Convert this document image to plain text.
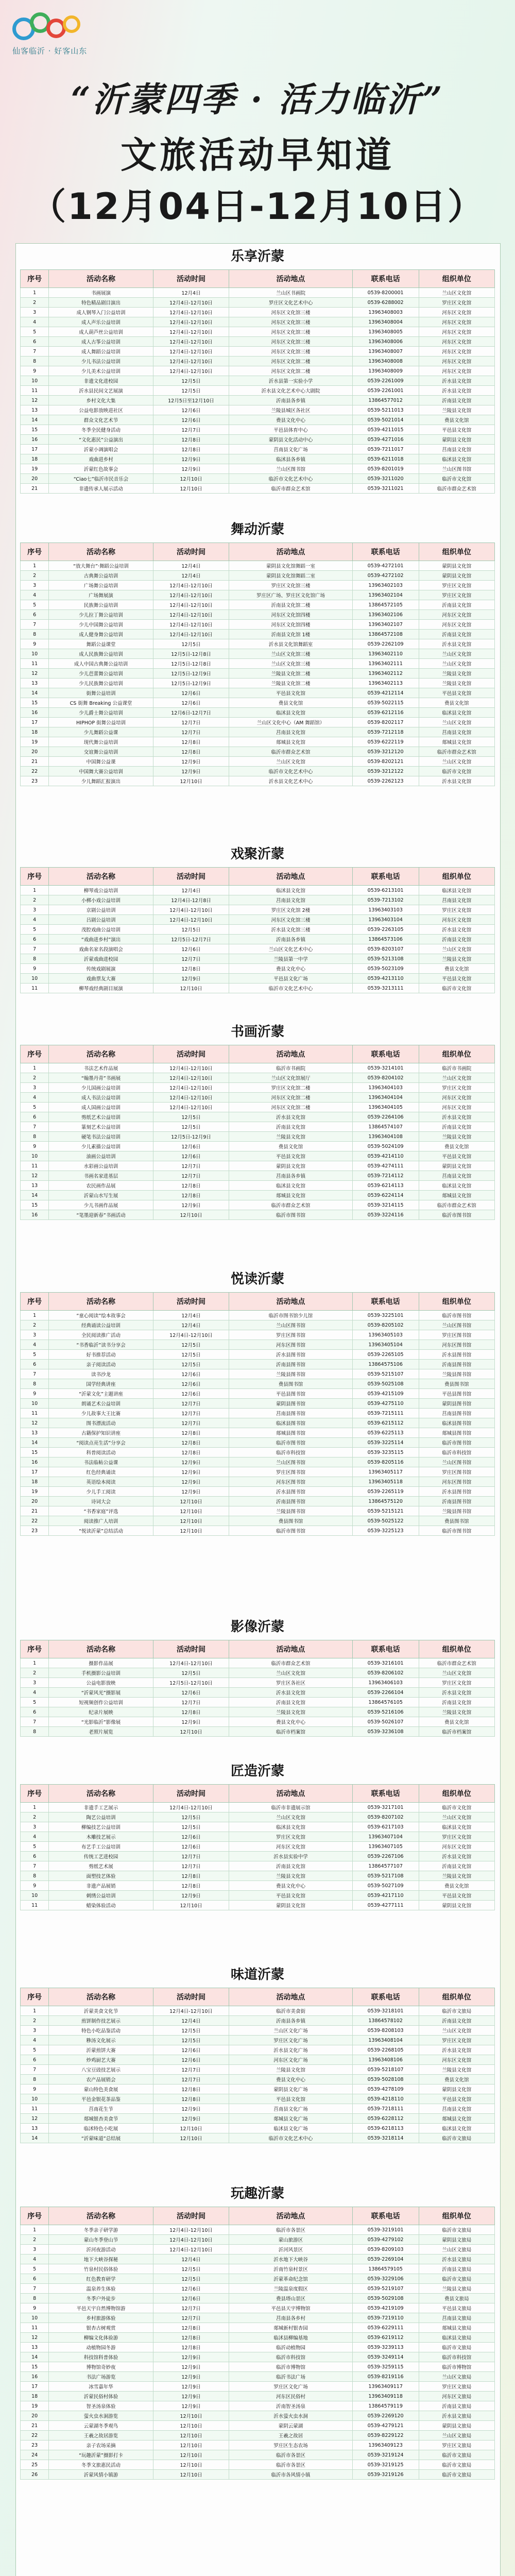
仙客临沂 · 好客山东
“沂蒙四季 · 活力临沂”
文旅活动早知道
（12月04日-12月10日）
乐享沂蒙
序号	活动名称	活动时间	活动地点	联系电话	组织单位
1	书画展演	12月4日	兰山区书画院	0539-8200001	兰山区文化馆
2	特色精品剧目演出	12月4日-12月10日	罗庄区文化艺术中心	0539-6288002	罗庄区文化馆
3	成人钢琴入门公益培训	12月4日-12月10日	河东区文化馆三楼	13963408003	河东区文化馆
4	成人声乐公益培训	12月4日-12月10日	河东区文化馆三楼	13963408004	河东区文化馆
5	成人葫芦丝公益培训	12月4日-12月10日	河东区文化馆三楼	13963408005	河东区文化馆
6	成人古筝公益培训	12月4日-12月10日	河东区文化馆三楼	13963408006	河东区文化馆
7	成人舞蹈公益培训	12月4日-12月10日	河东区文化馆三楼	13963408007	河东区文化馆
8	少儿书法公益培训	12月4日-12月10日	河东区文化馆二楼	13963408008	河东区文化馆
9	少儿美术公益培训	12月4日-12月10日	河东区文化馆二楼	13963408009	河东区文化馆
10	非遗文化进校园	12月5日	沂水县第一实验小学	0539-2261009	沂水县文化馆
11	沂水县民间文艺展演	12月5日	沂水县文化艺术中心大剧院	0539-2261001	沂水县文化馆
12	乡村文化大集	12月5日至12月10日	沂南县各乡镇	13864577012	沂南县文化馆
13	公益电影放映进社区	12月6日	兰陵县城区各社区	0539-5211013	兰陵县文化馆
14	群众文化艺术节	12月6日	费县文化中心	0539-5021014	费县文化馆
15	冬季全民健身活动	12月7日	平邑县体育中心	0539-4211015	平邑县文化馆
16	“文化惠民”公益演出	12月8日	蒙阴县文化活动中心	0539-4271016	蒙阴县文化馆
17	沂蒙小调演唱会	12月8日	莒南县文化广场	0539-7211017	莒南县文化馆
18	戏曲进乡村	12月9日	临沭县各乡镇	0539-6211018	临沭县文化馆
19	沂蒙红色故事会	12月9日	兰山区图书馆	0539-8201019	兰山区图书馆
20	“Ciao七”临沂市民音乐会	12月10日	临沂市文化艺术中心	0539-3211020	临沂市文化馆
21	非遗传承人展示活动	12月10日	临沂市群众艺术馆	0539-3211021	临沂市群众艺术馆
舞动沂蒙
序号	活动名称	活动时间	活动地点	联系电话	组织单位
1	“放大舞台”·舞蹈公益培训	12月4日	蒙阴县文化馆舞蹈一室	0539-4272101	蒙阴县文化馆
2	古典舞公益培训	12月4日	蒙阴县文化馆舞蹈二室	0539-4272102	蒙阴县文化馆
3	广场舞公益培训	12月4日-12月10日	罗庄区文化馆三楼	13963402103	罗庄区文化馆
4	广场舞展演	12月4日-12月10日	罗庄区广场、罗庄区文化馆广场	13963402104	罗庄区文化馆
5	民族舞公益培训	12月4日-12月10日	沂南县文化馆二楼	13864572105	沂南县文化馆
6	少儿拉丁舞公益培训	12月4日-12月10日	河东区文化馆四楼	13963402106	河东区文化馆
7	少儿中国舞公益培训	12月4日-12月10日	河东区文化馆四楼	13963402107	河东区文化馆
8	成人健身舞公益培训	12月4日-12月10日	沂南县文化馆 1楼	13864572108	沂南县文化馆
9	舞蹈公益课堂	12月5日	沂水县文化馆舞蹈室	0539-2262109	沂水县文化馆
10	成人民族舞公益培训	12月5日-12月8日	兰山区文化馆三楼	13963402110	兰山区文化馆
11	成人中国古典舞公益培训	12月5日-12月8日	兰山区文化馆三楼	13963402111	兰山区文化馆
12	少儿芭蕾舞公益培训	12月5日-12月9日	兰陵县文化馆二楼	13963402112	兰陵县文化馆
13	少儿民族舞公益培训	12月5日-12月9日	兰陵县文化馆二楼	13963402113	兰陵县文化馆
14	街舞公益培训	12月6日	平邑县文化馆	0539-4212114	平邑县文化馆
15	CS 街舞 Breaking 公益课堂	12月6日	费县文化馆	0539-5022115	费县文化馆
16	少儿爵士舞公益培训	12月6日-12月7日	临沭县文化馆	0539-6212116	临沭县文化馆
17	HIPHOP 街舞公益培训	12月7日	兰山区文化中心（AM 舞蹈馆）	0539-8202117	兰山区文化馆
18	少儿舞蹈公益课	12月7日	莒南县文化馆	0539-7212118	莒南县文化馆
19	现代舞公益培训	12月8日	郯城县文化馆	0539-6222119	郯城县文化馆
20	交谊舞公益培训	12月8日	临沂市群众艺术馆	0539-3212120	临沂市群众艺术馆
21	中国舞公益课	12月9日	兰山区文化馆	0539-8202121	兰山区文化馆
22	中国舞大赛公益培训	12月9日	临沂市文化艺术中心	0539-3212122	临沂市文化馆
23	少儿舞蹈汇报演出	12月10日	沂水县文化艺术中心	0539-2262123	沂水县文化馆
戏聚沂蒙
序号	活动名称	活动时间	活动地点	联系电话	组织单位
1	柳琴戏公益培训	12月4日	临沭县文化馆	0539-6213101	临沭县文化馆
2	小梆小戏公益培训	12月4日-12月8日	莒南县文化馆	0539-7213102	莒南县文化馆
3	京剧公益培训	12月4日-12月10日	罗庄区文化馆 2楼	13963403103	罗庄区文化馆
4	吕剧公益培训	12月4日-12月10日	河东区文化馆三楼	13963403104	河东区文化馆
5	茂腔戏曲公益培训	12月5日	沂水县文化馆三楼	0539-2263105	沂水县文化馆
6	“戏曲进乡村”演出	12月5日-12月7日	沂南县各乡镇	13864573106	沂南县文化馆
7	戏曲名家名段演唱会	12月6日	兰山区文化艺术中心	0539-8203107	兰山区文化馆
8	沂蒙戏曲进校园	12月7日	兰陵县第一中学	0539-5213108	兰陵县文化馆
9	传统戏剧展演	12月8日	费县文化中心	0539-5023109	费县文化馆
10	戏曲票友大赛	12月9日	平邑县文化广场	0539-4213110	平邑县文化馆
11	柳琴戏经典剧目展演	12月10日	临沂市文化艺术中心	0539-3213111	临沂市文化馆
书画沂蒙
序号	活动名称	活动时间	活动地点	联系电话	组织单位
1	书法艺术作品展	12月4日-12月10日	临沂市书画院	0539-3214101	临沂市书画院
2	“翰墨丹青”书画展	12月4日-12月10日	兰山区文化馆展厅	0539-8204102	兰山区文化馆
3	少儿国画公益培训	12月4日-12月10日	罗庄区文化馆二楼	13963404103	罗庄区文化馆
4	成人书法公益培训	12月4日-12月10日	河东区文化馆二楼	13963404104	河东区文化馆
5	成人国画公益培训	12月4日-12月10日	河东区文化馆二楼	13963404105	河东区文化馆
6	剪纸艺术公益培训	12月5日	沂水县文化馆	0539-2264106	沂水县文化馆
7	篆刻艺术公益培训	12月5日	沂南县文化馆	13864574107	沂南县文化馆
8	硬笔书法公益培训	12月5日-12月9日	兰陵县文化馆	13963404108	兰陵县文化馆
9	少儿素描公益培训	12月6日	费县文化馆	0539-5024109	费县文化馆
10	油画公益培训	12月6日	平邑县文化馆	0539-4214110	平邑县文化馆
11	水彩画公益培训	12月7日	蒙阴县文化馆	0539-4274111	蒙阴县文化馆
12	书画名家进基层	12月7日	莒南县各乡镇	0539-7214112	莒南县文化馆
13	农民画作品展	12月8日	临沭县文化馆	0539-6214113	临沭县文化馆
14	沂蒙山水写生展	12月8日	郯城县文化馆	0539-6224114	郯城县文化馆
15	少儿书画作品展	12月9日	临沂市群众艺术馆	0539-3214115	临沂市群众艺术馆
16	“笔墨迎新春”书画活动	12月10日	临沂市图书馆	0539-3224116	临沂市图书馆
悦读沂蒙
序号	活动名称	活动时间	活动地点	联系电话	组织单位
1	“童心阅读”绘本故事会	12月4日	临沂市图书馆少儿馆	0539-3225101	临沂市图书馆
2	经典诵读公益培训	12月4日	兰山区图书馆	0539-8205102	兰山区图书馆
3	全民阅读推广活动	12月4日-12月10日	罗庄区图书馆	13963405103	罗庄区图书馆
4	“书香临沂”读书分享会	12月5日	河东区图书馆	13963405104	河东区图书馆
5	好书推荐活动	12月5日	沂水县图书馆	0539-2265105	沂水县图书馆
6	亲子阅读活动	12月5日	沂南县图书馆	13864575106	沂南县图书馆
7	读书沙龙	12月6日	兰陵县图书馆	0539-5215107	兰陵县图书馆
8	国学经典讲座	12月6日	费县图书馆	0539-5025108	费县图书馆
9	“沂蒙文化”主题讲座	12月6日	平邑县图书馆	0539-4215109	平邑县图书馆
10	朗诵艺术公益培训	12月7日	蒙阴县图书馆	0539-4275110	蒙阴县图书馆
11	少儿故事大王比赛	12月7日	莒南县图书馆	0539-7215111	莒南县图书馆
12	图书漂流活动	12月7日	临沭县图书馆	0539-6215112	临沭县图书馆
13	古籍保护知识讲座	12月8日	郯城县图书馆	0539-6225113	郯城县图书馆
14	“阅读点亮生活”分享会	12月8日	临沂市图书馆	0539-3225114	临沂市图书馆
15	科普阅读活动	12月8日	临沂市科技馆	0539-3235115	临沂市科技馆
16	书法临帖公益课	12月9日	兰山区图书馆	0539-8205116	兰山区图书馆
17	红色经典诵读	12月9日	罗庄区图书馆	13963405117	罗庄区图书馆
18	英语绘本阅读	12月9日	河东区图书馆	13963405118	河东区图书馆
19	少儿手工阅读	12月9日	沂水县图书馆	0539-2265119	沂水县图书馆
20	诗词大会	12月10日	沂南县图书馆	13864575120	沂南县图书馆
21	“书香家庭”评选	12月10日	兰陵县图书馆	0539-5215121	兰陵县图书馆
22	阅读推广人培训	12月10日	费县图书馆	0539-5025122	费县图书馆
23	“悦读沂蒙”总结活动	12月10日	临沂市图书馆	0539-3225123	临沂市图书馆
影像沂蒙
序号	活动名称	活动时间	活动地点	联系电话	组织单位
1	摄影作品展	12月4日-12月10日	临沂市群众艺术馆	0539-3216101	临沂市群众艺术馆
2	手机摄影公益培训	12月5日	兰山区文化馆	0539-8206102	兰山区文化馆
3	公益电影放映	12月5日-12月10日	罗庄区各社区	13963406103	罗庄区文化馆
4	“沂蒙风光”摄影展	12月6日	沂水县文化馆	0539-2266104	沂水县文化馆
5	短视频创作公益培训	12月7日	沂南县文化馆	13864576105	沂南县文化馆
6	纪录片展映	12月8日	兰陵县文化馆	0539-5216106	兰陵县文化馆
7	“光影临沂”影像展	12月9日	费县文化中心	0539-5026107	费县文化馆
8	老照片展览	12月10日	临沂市档案馆	0539-3236108	临沂市档案馆
匠造沂蒙
序号	活动名称	活动时间	活动地点	联系电话	组织单位
1	非遗手工艺展示	12月4日-12月10日	临沂市非遗展示馆	0539-3217101	临沂市文化馆
2	陶艺公益培训	12月5日	兰山区文化馆	0539-8207102	兰山区文化馆
3	柳编技艺公益培训	12月5日	临沭县文化馆	0539-6217103	临沭县文化馆
4	木雕技艺展示	12月6日	罗庄区文化馆	13963407104	罗庄区文化馆
5	布艺手工公益培训	12月6日	河东区文化馆	13963407105	河东区文化馆
6	传统工艺进校园	12月7日	沂水县实验中学	0539-2267106	沂水县文化馆
7	剪纸艺术展	12月7日	沂南县文化馆	13864577107	沂南县文化馆
8	面塑技艺体验	12月8日	兰陵县文化馆	0539-5217108	兰陵县文化馆
9	非遗产品展销	12月8日	费县文化中心	0539-5027109	费县文化馆
10	刺绣公益培训	12月9日	平邑县文化馆	0539-4217110	平邑县文化馆
11	蜡染体验活动	12月10日	蒙阴县文化馆	0539-4277111	蒙阴县文化馆
味道沂蒙
序号	活动名称	活动时间	活动地点	联系电话	组织单位
1	沂蒙美食文化节	12月4日-12月10日	临沂市美食街	0539-3218101	临沂市文旅局
2	煎饼制作技艺展示	12月4日	沂南县各乡镇	13864578102	沂南县文化馆
3	特色小吃品鉴活动	12月5日	兰山区文化广场	0539-8208103	兰山区文化馆
4	糁汤文化展示	12月5日	罗庄区文化广场	13963408104	罗庄区文化馆
5	沂蒙煎饼大赛	12月6日	沂水县文化广场	0539-2268105	沂水县文化馆
6	炒鸡厨艺大赛	12月6日	河东区文化广场	13963408106	河东区文化馆
7	八宝豆豉技艺展示	12月7日	兰陵县文化馆	0539-5218107	兰陵县文化馆
8	农产品展销会	12月7日	费县文化中心	0539-5028108	费县文化馆
9	蒙山特色美食展	12月8日	蒙阴县文化广场	0539-4278109	蒙阴县文化馆
10	平邑金银花茶品鉴	12月8日	平邑县文化馆	0539-4218110	平邑县文化馆
11	莒南花生节	12月9日	莒南县文化广场	0539-7218111	莒南县文化馆
12	郯城银杏美食节	12月9日	郯城县文化广场	0539-6228112	郯城县文化馆
13	临沭特色小吃展	12月10日	临沭县文化广场	0539-6218113	临沭县文化馆
14	“沂蒙味道”总结展	12月10日	临沂市文化艺术中心	0539-3218114	临沂市文旅局
玩趣沂蒙
序号	活动名称	活动时间	活动地点	联系电话	组织单位
1	冬季亲子研学游	12月4日-12月10日	临沂市各景区	0539-3219101	临沂市文旅局
2	蒙山冬季登山节	12月4日-12月10日	蒙山旅游区	0539-4279102	蒙阴县文旅局
3	沂河夜游活动	12月4日-12月10日	沂河风景区	0539-8209103	兰山区文旅局
4	地下大峡谷探秘	12月4日	沂水地下大峡谷	0539-2269104	沂水县文旅局
5	竹泉村民俗体验	12月5日	沂南竹泉村景区	13864579105	沂南县文旅局
6	红色教育研学	12月5日	沂蒙革命纪念馆	0539-3229106	临沂市文旅局
7	温泉养生体验	12月6日	兰陵温泉度假区	0539-5219107	兰陵县文旅局
8	冬季户外徒步	12月6日	费县塔山景区	0539-5029108	费县文旅局
9	平邑天宇自然博物馆游	12月7日	平邑县天宇博物馆	0539-4219109	平邑县文旅局
10	乡村旅游体验	12月7日	莒南县各乡村	0539-7219110	莒南县文旅局
11	银杏古树观赏	12月8日	郯城新村银杏园	0539-6229111	郯城县文旅局
12	柳编文化体验游	12月8日	临沭县柳编基地	0539-6219112	临沭县文旅局
13	动植物园冬游	12月8日	临沂动植物园	0539-3239113	临沂市文旅局
14	科技馆科普体验	12月9日	临沂市科技馆	0539-3249114	临沂市科技馆
15	博物馆奇妙夜	12月9日	临沂市博物馆	0539-3259115	临沂市博物馆
16	书法广场游览	12月9日	临沂书法广场	0539-8219116	兰山区文旅局
17	冰雪嘉年华	12月9日	罗庄区文化广场	13963409117	罗庄区文旅局
18	沂蒙民俗村体验	12月9日	河东区民俗村	13963409118	河东区文旅局
19	智圣汤泉体验	12月9日	沂南智圣汤泉	13864579119	沂南县文旅局
20	萤火虫水洞游览	12月10日	沂水萤火虫水洞	0539-2269120	沂水县文旅局
21	云蒙湖冬季观鸟	12月10日	蒙阴云蒙湖	0539-4279121	蒙阴县文旅局
22	王羲之故居游览	12月10日	王羲之故居	0539-8229122	兰山区文旅局
23	亲子农场采摘	12月10日	罗庄区生态农场	13963409123	罗庄区文旅局
24	“玩趣沂蒙”摄影打卡	12月10日	临沂市各景区	0539-3219124	临沂市文旅局
25	冬季文旅惠民活动	12月10日	临沂市各景区	0539-3219125	临沂市文旅局
26	沂蒙风情小镇游	12月10日	临沂市各风情小镇	0539-3219126	临沂市文旅局
